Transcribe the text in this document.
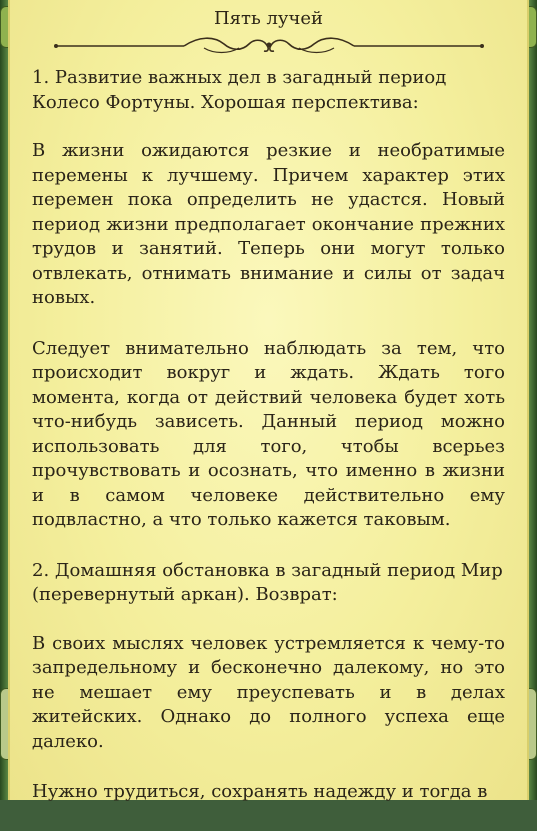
Пять лучей

1. Развитие важных дел в загадный период Колесо Фортуны. Хорошая перспектива:

В жизни ожидаются резкие и необратимые перемены к лучшему. Причем характер этих перемен пока определить не удастся. Новый период жизни предполагает окончание прежних трудов и занятий. Теперь они могут только отвлекать, отнимать внимание и силы от задач новых.

Следует внимательно наблюдать за тем, что происходит вокруг и ждать. Ждать того момента, когда от действий человека будет хоть что-нибудь зависеть. Данный период можно использовать для того, чтобы всерьез прочувствовать и осознать, что именно в жизни и в самом человеке действительно ему подвластно, а что только кажется таковым.

2. Домашняя обстановка в загадный период Мир (перевернутый аркан). Возврат:

В своих мыслях человек устремляется к чему-то запредельному и бесконечно далекому, но это не мешает ему преуспевать и в делах житейских. Однако до полного успеха еще далеко.

Нужно трудиться, сохранять надежду и тогда в
